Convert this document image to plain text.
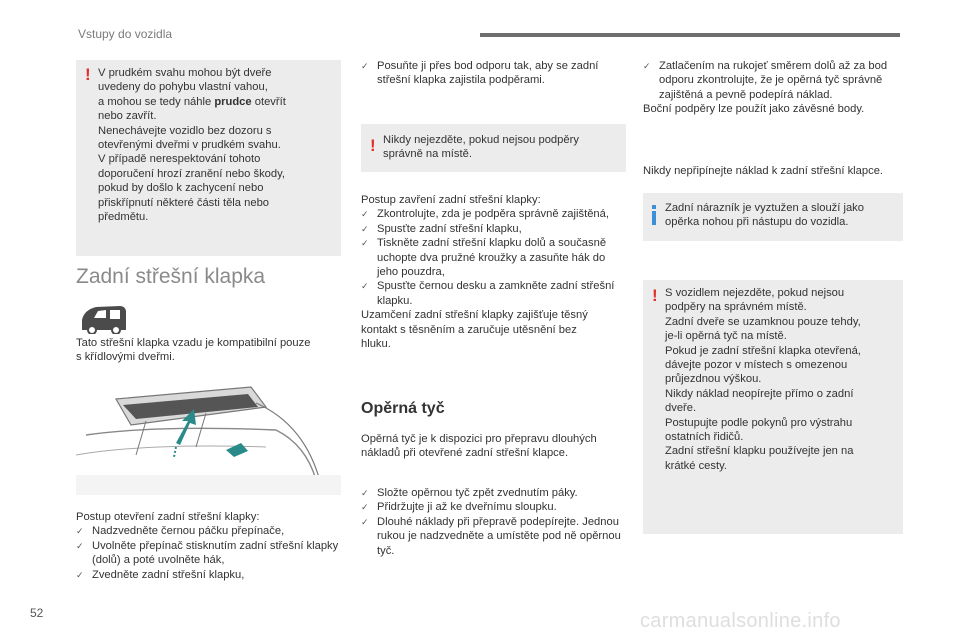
Vstupy do vozidla
! V prudkém svahu mohou být dveře

uvedeny do pohybu vlastní vahou,

a mohou se tedy náhle prudce otevřít

nebo zavřít.

Nenechávejte vozidlo bez dozoru s

otevřenými dveřmi v prudkém svahu.

V případě nerespektování tohoto

doporučení hrozí zranění nebo škody,

pokud by došlo k zachycení nebo

přiskřípnutí některé části těla nebo

předmětu.

Zadní střešní klapka
Tato střešní klapka vzadu je kompatibilní pouze
s křídlovými dveřmi.
Postup otevření zadní střešní klapky:
✓ Nadzvedněte černou páčku přepínače,
✓ Uvolněte přepínač stisknutím zadní střešní klapky (dolů) a poté uvolněte hák,
✓ Zvedněte zadní střešní klapku,
✓ Posuňte ji přes bod odporu tak, aby se zadní střešní klapka zajistila podpěrami.
! Nikdy nejezděte, pokud nejsou podpěry

správně na místě.

Postup zavření zadní střešní klapky:
✓ Zkontrolujte, zda je podpěra správně zajištěná,
✓ Spusťte zadní střešní klapku,
✓ Tiskněte zadní střešní klapku dolů a současně uchopte dva pružné kroužky a zasuňte hák do jeho pouzdra,
✓ Spusťte černou desku a zamkněte zadní střešní klapku.
Uzamčení zadní střešní klapky zajišťuje těsný
kontakt s těsněním a zaručuje utěsnění bez
hluku.
Opěrná tyč
Opěrná tyč je k dispozici pro přepravu dlouhých
nákladů při otevřené zadní střešní klapce.
✓ Složte opěrnou tyč zpět zvednutím páky.
✓ Přidržujte ji až ke dveřnímu sloupku.
✓ Dlouhé náklady při přepravě podepírejte. Jednou rukou je nadzvedněte a umístěte pod ně opěrnou tyč.
✓ Zatlačením na rukojeť směrem dolů až za bod odporu zkontrolujte, že je opěrná tyč správně zajištěná a pevně podepírá náklad.
Boční podpěry lze použít jako závěsné body.
Nikdy nepřipínejte náklad k zadní střešní klapce.

Zadní nárazník je vyztužen a slouží jako

opěrka nohou při nástupu do vozidla.

! S vozidlem nejezděte, pokud nejsou

podpěry na správném místě.

Zadní dveře se uzamknou pouze tehdy,

je-li opěrná tyč na místě.

Pokud je zadní střešní klapka otevřená,

dávejte pozor v místech s omezenou

průjezdnou výškou.

Nikdy náklad neopírejte přímo o zadní

dveře.

Postupujte podle pokynů pro výstrahu

ostatních řidičů.

Zadní střešní klapku používejte jen na

krátké cesty.

52	carmanualsonline.info
